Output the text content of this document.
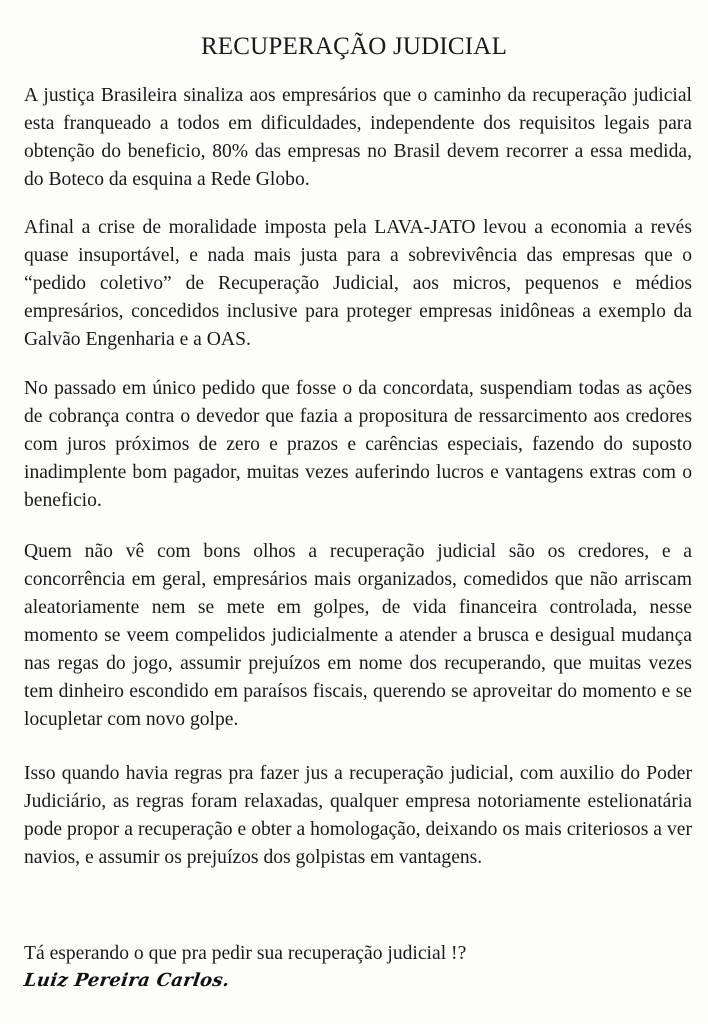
RECUPERAÇÃO JUDICIAL

A justiça Brasileira sinaliza aos empresários que o caminho da recuperação judicial esta franqueado a todos em dificuldades, independente dos requisitos legais para obtenção do beneficio, 80% das empresas no Brasil devem recorrer a essa medida, do Boteco da esquina a Rede Globo.

Afinal a crise de moralidade imposta pela LAVA-JATO levou a economia a revés quase insuportável, e nada mais justa para a sobrevivência das empresas que o “pedido coletivo” de Recuperação Judicial, aos micros, pequenos e médios empresários, concedidos inclusive para proteger empresas inidôneas a exemplo da Galvão Engenharia e a OAS.

No passado em único pedido que fosse o da concordata, suspendiam todas as ações de cobrança contra o devedor que fazia a propositura de ressarcimento aos credores com juros próximos de zero e prazos e carências especiais, fazendo do suposto inadimplente bom pagador, muitas vezes auferindo lucros e vantagens extras com o beneficio.

Quem não vê com bons olhos a recuperação judicial são os credores, e a concorrência em geral, empresários mais organizados, comedidos que não arriscam aleatoriamente nem se mete em golpes, de vida financeira controlada, nesse momento se veem compelidos judicialmente a atender a brusca e desigual mudança nas regas do jogo, assumir prejuízos em nome dos recuperando, que muitas vezes tem dinheiro escondido em paraísos fiscais, querendo se aproveitar do momento e se locupletar com novo golpe.

Isso quando havia regras pra fazer jus a recuperação judicial, com auxilio do Poder Judiciário, as regras foram relaxadas, qualquer empresa notoriamente estelionatária pode propor a recuperação e obter a homologação, deixando os mais criteriosos a ver navios, e assumir os prejuízos dos golpistas em vantagens.

Tá esperando o que pra pedir sua recuperação judicial !?
Luiz Pereira Carlos.
